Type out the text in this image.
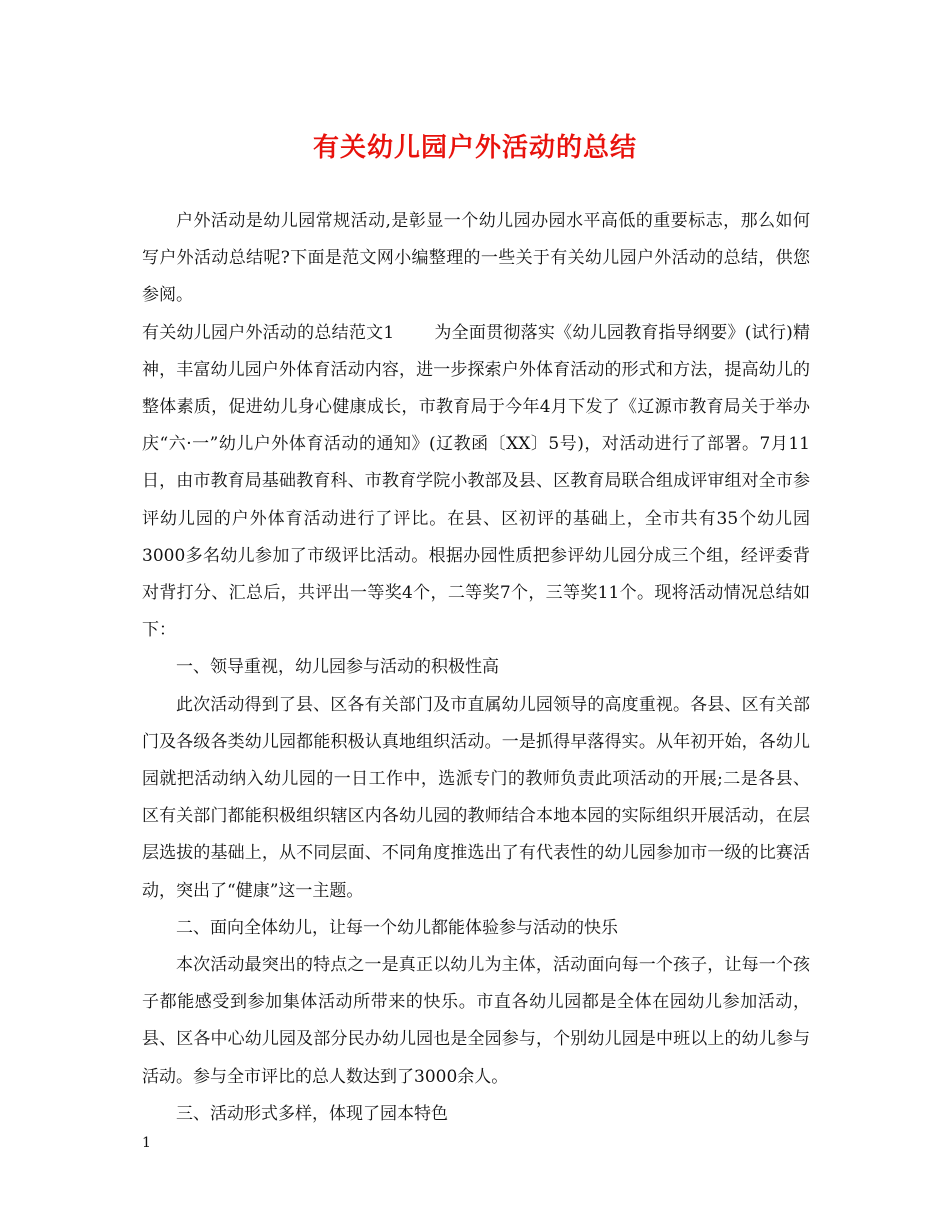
有关幼儿园户外活动的总结

户外活动是幼儿园常规活动,是彰显一个幼儿园办园水平高低的重要标志，那么如何写户外活动总结呢?下面是范文网小编整理的一些关于有关幼儿园户外活动的总结，供您参阅。

有关幼儿园户外活动的总结范文1 为全面贯彻落实《幼儿园教育指导纲要》(试行)精神，丰富幼儿园户外体育活动内容，进一步探索户外体育活动的形式和方法，提高幼儿的整体素质，促进幼儿身心健康成长，市教育局于今年4月下发了《辽源市教育局关于举办庆“六·一”幼儿户外体育活动的通知》(辽教函〔XX〕5号)，对活动进行了部署。7月11日，由市教育局基础教育科、市教育学院小教部及县、区教育局联合组成评审组对全市参评幼儿园的户外体育活动进行了评比。在县、区初评的基础上，全市共有35个幼儿园3000多名幼儿参加了市级评比活动。根据办园性质把参评幼儿园分成三个组，经评委背对背打分、汇总后，共评出一等奖4个，二等奖7个，三等奖11个。现将活动情况总结如下：

一、领导重视，幼儿园参与活动的积极性高

此次活动得到了县、区各有关部门及市直属幼儿园领导的高度重视。各县、区有关部门及各级各类幼儿园都能积极认真地组织活动。一是抓得早落得实。从年初开始，各幼儿园就把活动纳入幼儿园的一日工作中，选派专门的教师负责此项活动的开展;二是各县、区有关部门都能积极组织辖区内各幼儿园的教师结合本地本园的实际组织开展活动，在层层选拔的基础上，从不同层面、不同角度推选出了有代表性的幼儿园参加市一级的比赛活动，突出了“健康”这一主题。

二、面向全体幼儿，让每一个幼儿都能体验参与活动的快乐

本次活动最突出的特点之一是真正以幼儿为主体，活动面向每一个孩子，让每一个孩子都能感受到参加集体活动所带来的快乐。市直各幼儿园都是全体在园幼儿参加活动，县、区各中心幼儿园及部分民办幼儿园也是全园参与，个别幼儿园是中班以上的幼儿参与活动。参与全市评比的总人数达到了3000余人。

三、活动形式多样，体现了园本特色

1
